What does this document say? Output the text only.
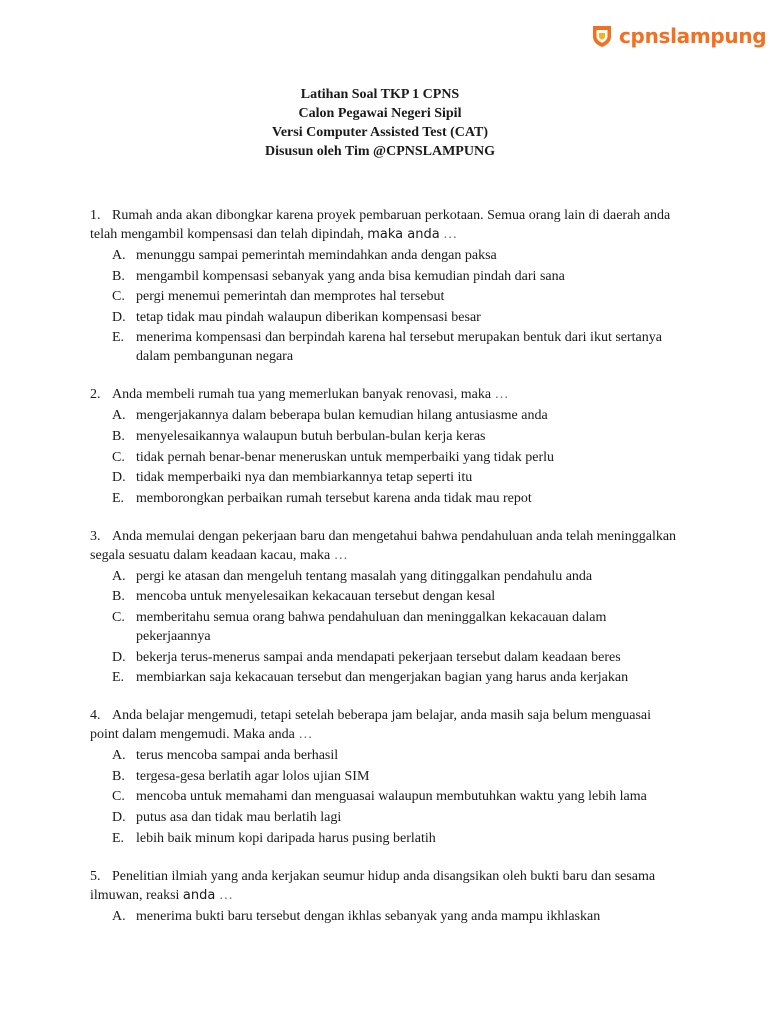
cpnslampung
Latihan Soal TKP 1 CPNS
Calon Pegawai Negeri Sipil
Versi Computer Assisted Test (CAT)
Disusun oleh Tim @CPNSLAMPUNG
1. Rumah anda akan dibongkar karena proyek pembaruan perkotaan. Semua orang lain di daerah anda telah mengambil kompensasi dan telah dipindah, maka anda …
A. menunggu sampai pemerintah memindahkan anda dengan paksa
B. mengambil kompensasi sebanyak yang anda bisa kemudian pindah dari sana
C. pergi menemui pemerintah dan memprotes hal tersebut
D. tetap tidak mau pindah walaupun diberikan kompensasi besar
E. menerima kompensasi dan berpindah karena hal tersebut merupakan bentuk dari ikut sertanya dalam pembangunan negara
2. Anda membeli rumah tua yang memerlukan banyak renovasi, maka …
A. mengerjakannya dalam beberapa bulan kemudian hilang antusiasme anda
B. menyelesaikannya walaupun butuh berbulan-bulan kerja keras
C. tidak pernah benar-benar meneruskan untuk memperbaiki yang tidak perlu
D. tidak memperbaiki nya dan membiarkannya tetap seperti itu
E. memborongkan perbaikan rumah tersebut karena anda tidak mau repot
3. Anda memulai dengan pekerjaan baru dan mengetahui bahwa pendahuluan anda telah meninggalkan segala sesuatu dalam keadaan kacau, maka …
A. pergi ke atasan dan mengeluh tentang masalah yang ditinggalkan pendahulu anda
B. mencoba untuk menyelesaikan kekacauan tersebut dengan kesal
C. memberitahu semua orang bahwa pendahuluan dan meninggalkan kekacauan dalam pekerjaannya
D. bekerja terus-menerus sampai anda mendapati pekerjaan tersebut dalam keadaan beres
E. membiarkan saja kekacauan tersebut dan mengerjakan bagian yang harus anda kerjakan
4. Anda belajar mengemudi, tetapi setelah beberapa jam belajar, anda masih saja belum menguasai point dalam mengemudi. Maka anda …
A. terus mencoba sampai anda berhasil
B. tergesa-gesa berlatih agar lolos ujian SIM
C. mencoba untuk memahami dan menguasai walaupun membutuhkan waktu yang lebih lama
D. putus asa dan tidak mau berlatih lagi
E. lebih baik minum kopi daripada harus pusing berlatih
5. Penelitian ilmiah yang anda kerjakan seumur hidup anda disangsikan oleh bukti baru dan sesama ilmuwan, reaksi anda …
A. menerima bukti baru tersebut dengan ikhlas sebanyak yang anda mampu ikhlaskan
